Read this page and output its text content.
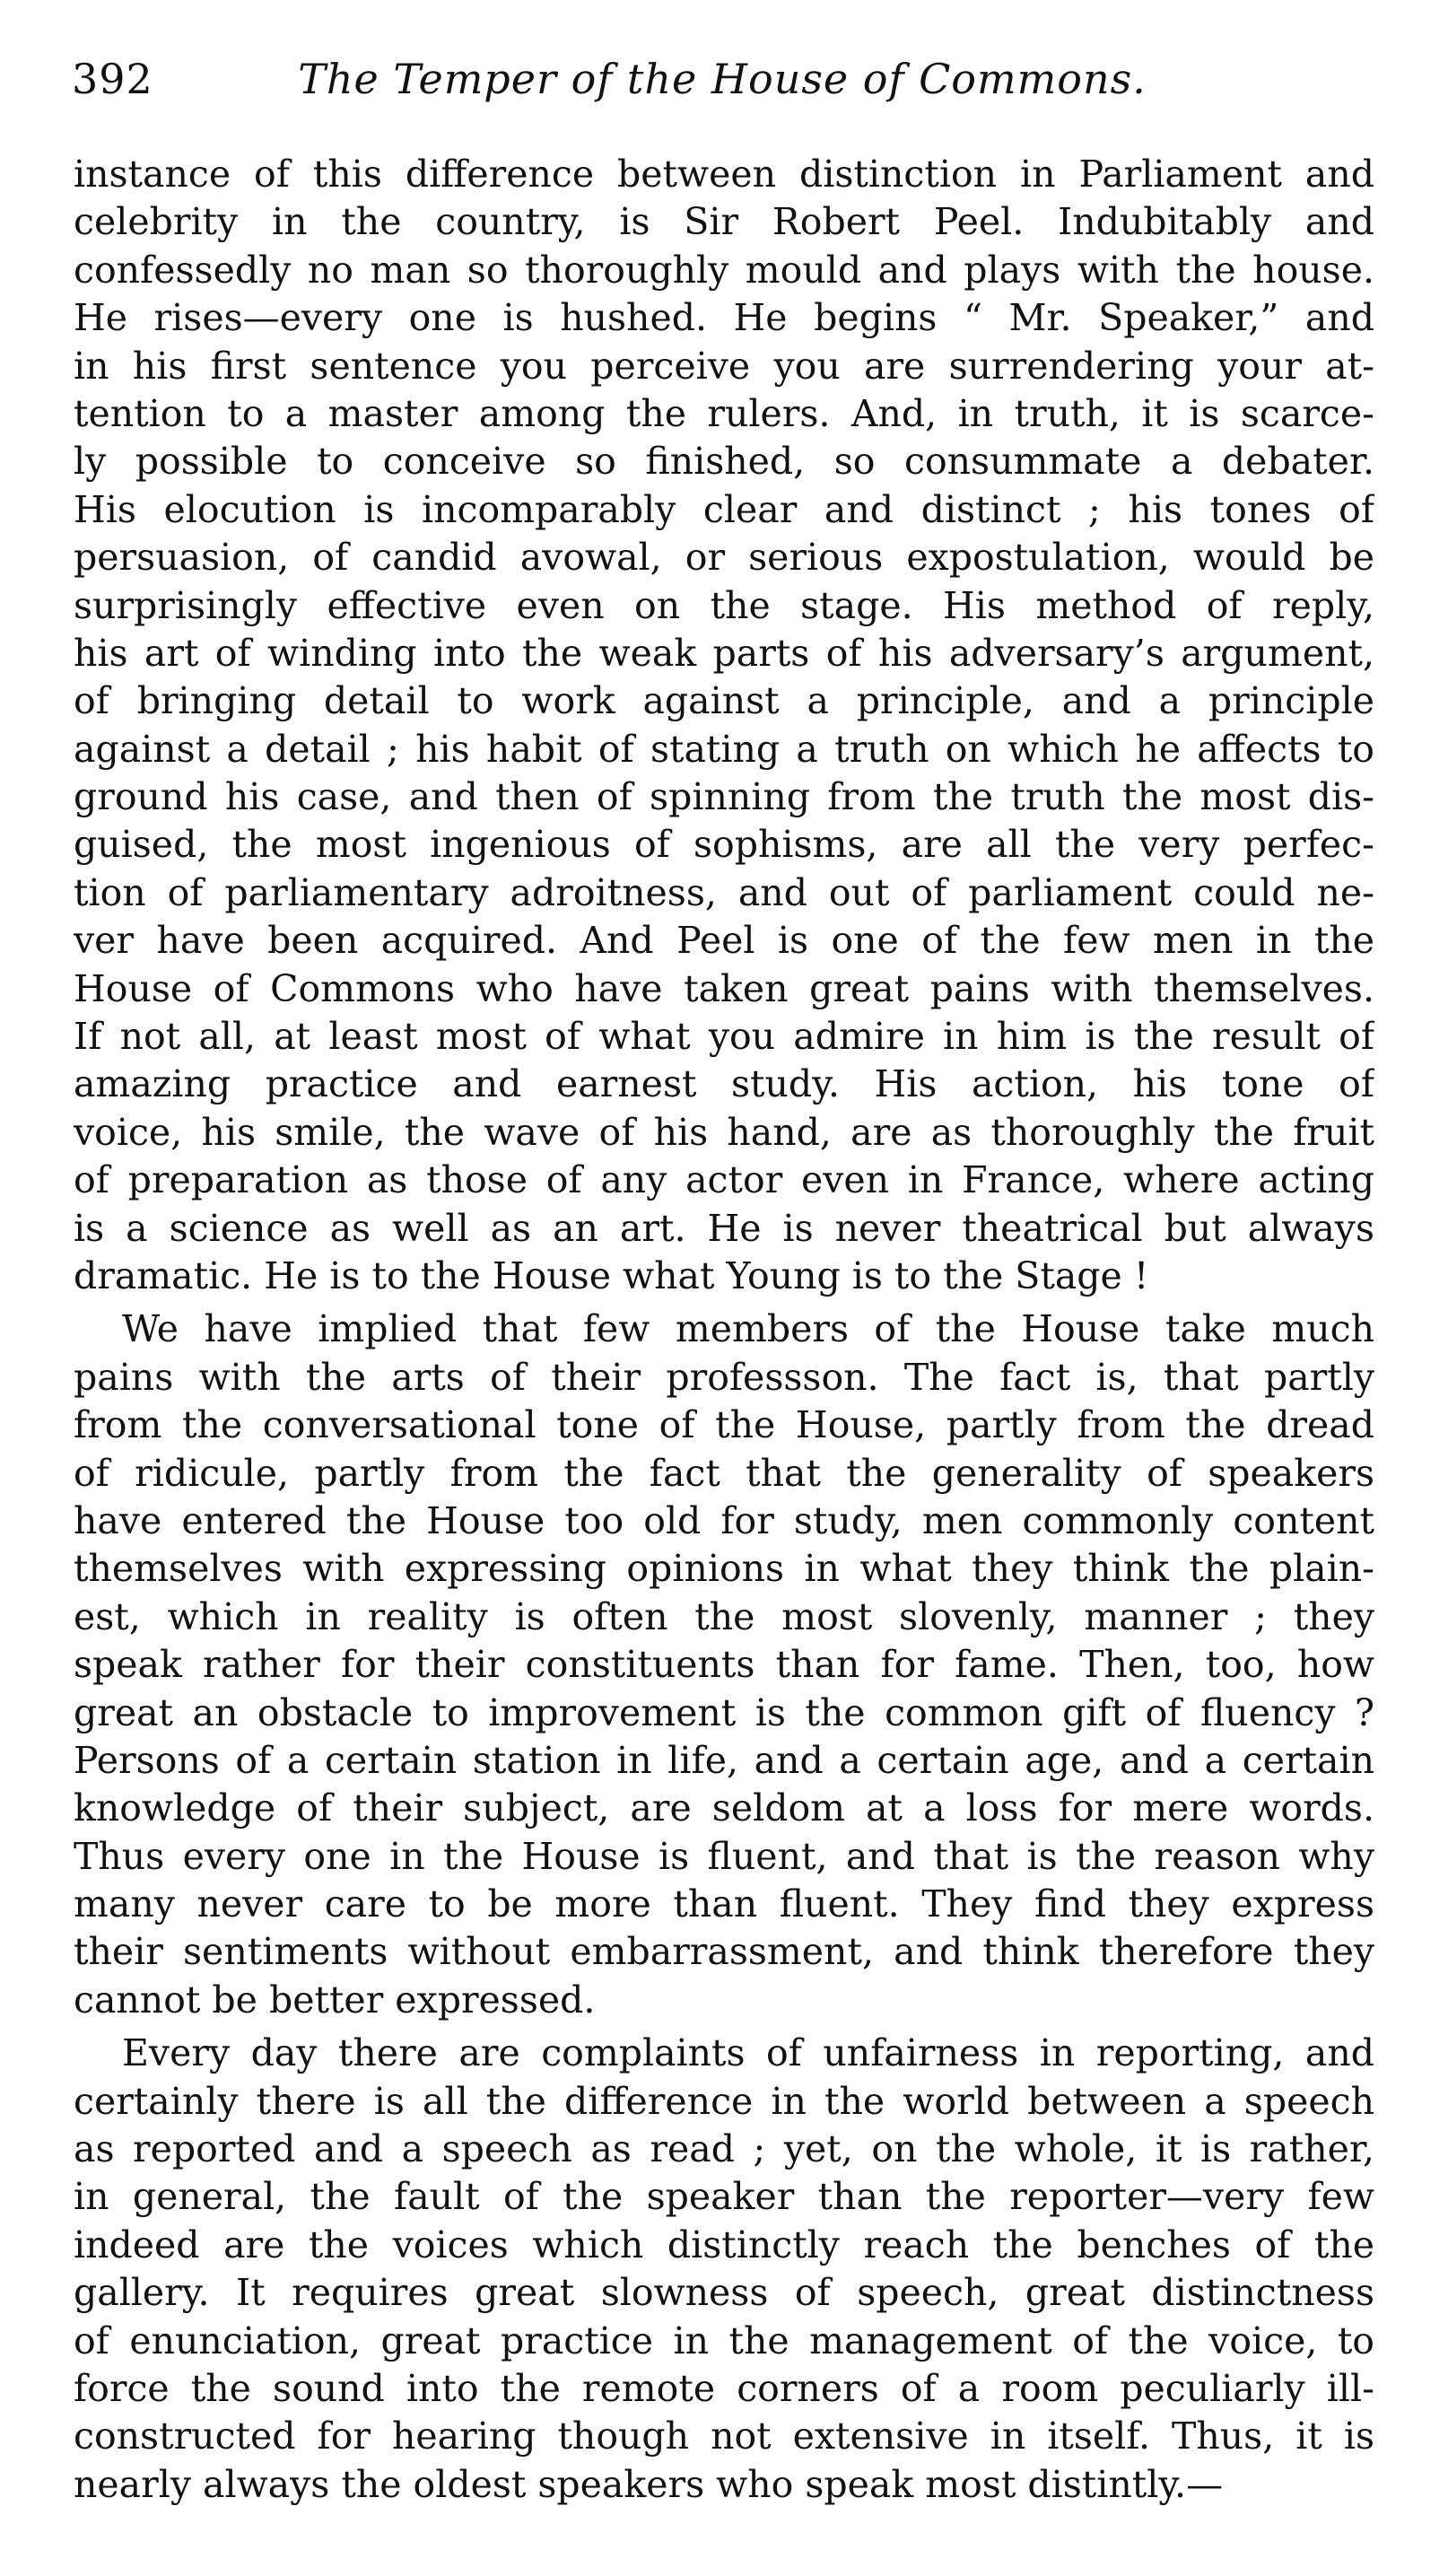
392	The Temper of the House of Commons.
instance of this difference between distinction in Parliament and
celebrity in the country, is Sir Robert Peel. Indubitably and
confessedly no man so thoroughly mould and plays with the house.
He rises—every one is hushed. He begins “ Mr. Speaker,” and
in his first sentence you perceive you are surrendering your at-
tention to a master among the rulers. And, in truth, it is scarce-
ly possible to conceive so finished, so consummate a debater.
His elocution is incomparably clear and distinct ; his tones of
persuasion, of candid avowal, or serious expostulation, would be
surprisingly effective even on the stage. His method of reply,
his art of winding into the weak parts of his adversary’s argument,
of bringing detail to work against a principle, and a principle
against a detail ; his habit of stating a truth on which he affects to
ground his case, and then of spinning from the truth the most dis-
guised, the most ingenious of sophisms, are all the very perfec-
tion of parliamentary adroitness, and out of parliament could ne-
ver have been acquired. And Peel is one of the few men in the
House of Commons who have taken great pains with themselves.
If not all, at least most of what you admire in him is the result of
amazing practice and earnest study. His action, his tone of
voice, his smile, the wave of his hand, are as thoroughly the fruit
of preparation as those of any actor even in France, where acting
is a science as well as an art. He is never theatrical but always
dramatic. He is to the House what Young is to the Stage !
We have implied that few members of the House take much
pains with the arts of their professson. The fact is, that partly
from the conversational tone of the House, partly from the dread
of ridicule, partly from the fact that the generality of speakers
have entered the House too old for study, men commonly content
themselves with expressing opinions in what they think the plain-
est, which in reality is often the most slovenly, manner ; they
speak rather for their constituents than for fame. Then, too, how
great an obstacle to improvement is the common gift of fluency ?
Persons of a certain station in life, and a certain age, and a certain
knowledge of their subject, are seldom at a loss for mere words.
Thus every one in the House is fluent, and that is the reason why
many never care to be more than fluent. They find they express
their sentiments without embarrassment, and think therefore they
cannot be better expressed.
Every day there are complaints of unfairness in reporting, and
certainly there is all the difference in the world between a speech
as reported and a speech as read ; yet, on the whole, it is rather,
in general, the fault of the speaker than the reporter—very few
indeed are the voices which distinctly reach the benches of the
gallery. It requires great slowness of speech, great distinctness
of enunciation, great practice in the management of the voice, to
force the sound into the remote corners of a room peculiarly ill-
constructed for hearing though not extensive in itself. Thus, it is
nearly always the oldest speakers who speak most distintly.—
